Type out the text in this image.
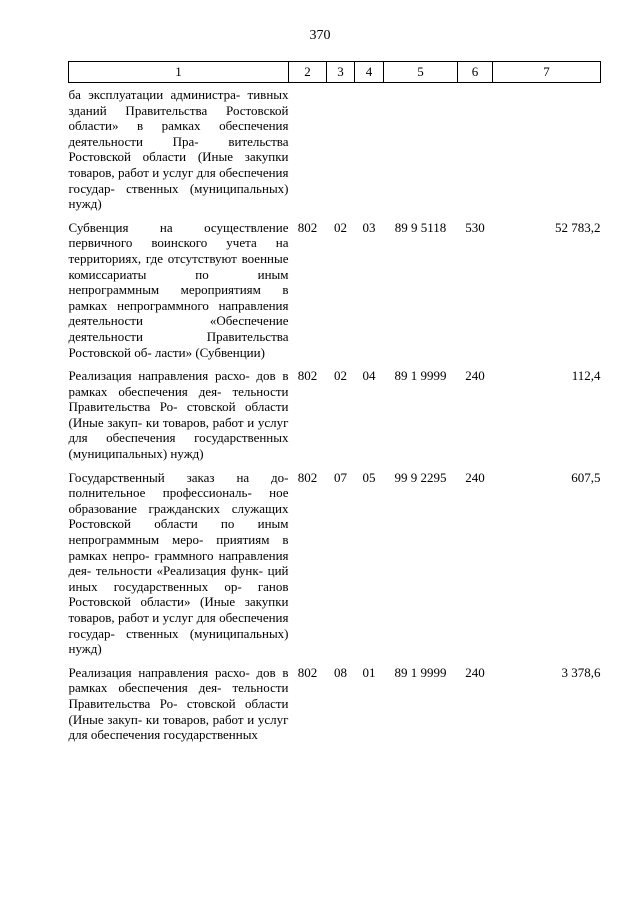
370
1	2	3	4	5	6	7
ба эксплуатации администра- тивных зданий Правительства Ростовской области» в рамках обеспечения деятельности Пра- вительства Ростовской области (Иные закупки товаров, работ и услуг для обеспечения государ- ственных (муниципальных) нужд)						
Субвенция на осуществление первичного воинского учета на территориях, где отсутствуют военные комиссариаты по иным непрограммным мероприятиям в рамках непрограммного направления деятельности «Обеспечение деятельности Правительства Ростовской об- ласти» (Субвенции)	802	02	03	89 9 5118	530	52 783,2
Реализация направления расхо- дов в рамках обеспечения дея- тельности Правительства Ро- стовской области (Иные закуп- ки товаров, работ и услуг для обеспечения государственных (муниципальных) нужд)	802	02	04	89 1 9999	240	112,4
Государственный заказ на до- полнительное профессиональ- ное образование гражданских служащих Ростовской области по иным непрограммным меро- приятиям в рамках непро- граммного направления дея- тельности «Реализация функ- ций иных государственных ор- ганов Ростовской области» (Иные закупки товаров, работ и услуг для обеспечения государ- ственных (муниципальных) нужд)	802	07	05	99 9 2295	240	607,5
Реализация направления расхо- дов в рамках обеспечения дея- тельности Правительства Ро- стовской области (Иные закуп- ки товаров, работ и услуг для обеспечения государственных	802	08	01	89 1 9999	240	3 378,6
